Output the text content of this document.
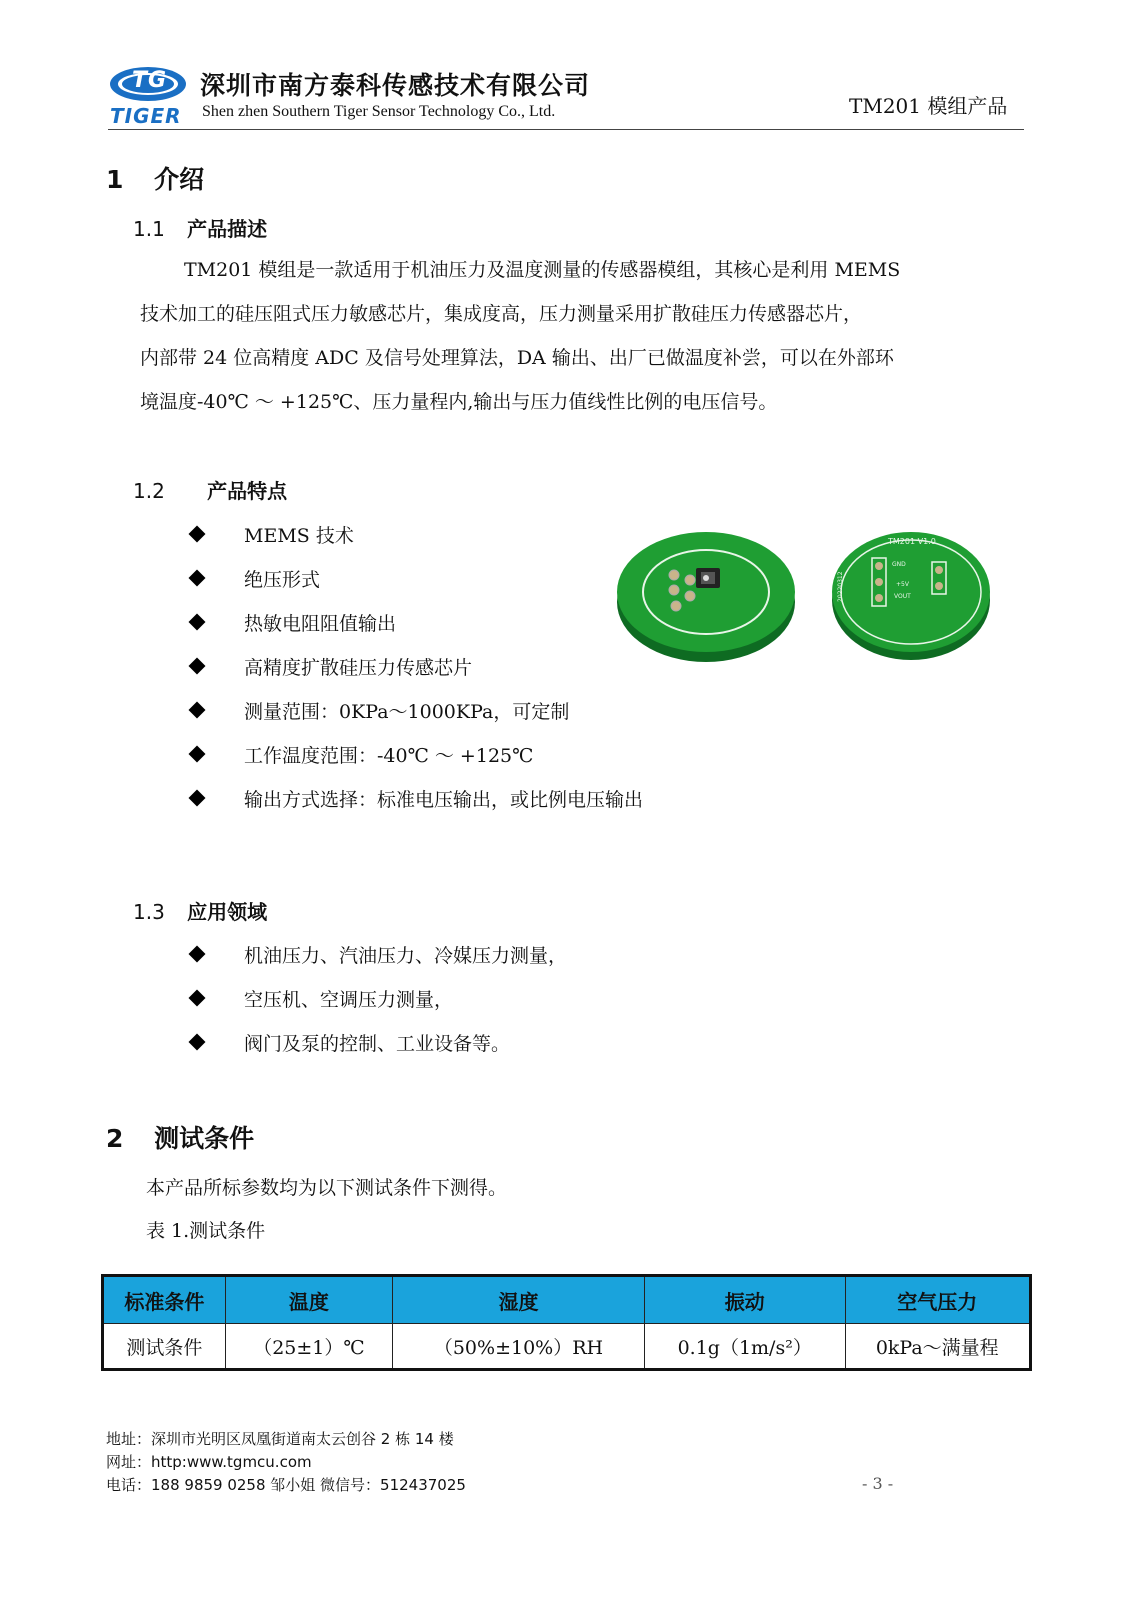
TG
TIGER
深圳市南方泰科传感技术有限公司
Shen zhen Southern Tiger Sensor Technology Co., Ltd.	TM201 模组产品
1 介绍
1.1 产品描述
TM201 模组是一款适用于机油压力及温度测量的传感器模组，其核心是利用 MEMS
技术加工的硅压阻式压力敏感芯片，集成度高，压力测量采用扩散硅压力传感器芯片，
内部带 24 位高精度 ADC 及信号处理算法，DA 输出、出厂已做温度补尝，可以在外部环
境温度-40℃ ～ +125℃、压力量程内,输出与压力值线性比例的电压信号。
1.2 产品特点
MEMS 技术
绝压形式
热敏电阻阻值输出
高精度扩散硅压力传感芯片
测量范围：0KPa～1000KPa，可定制
工作温度范围：-40℃ ～ +125℃
输出方式选择：标准电压输出，或比例电压输出
TM201 V1.0
GND
+5V
VOUT
20220312
1.3 应用领域
机油压力、汽油压力、冷媒压力测量，
空压机、空调压力测量，
阀门及泵的控制、工业设备等。
2 测试条件
本产品所标参数均为以下测试条件下测得。
表 1.测试条件
标准条件	温度	湿度	振动	空气压力
测试条件	（25±1）℃	（50%±10%）RH	0.1g（1m/s²）	0kPa～满量程
地址：深圳市光明区凤凰街道南太云创谷 2 栋 14 楼
网址：http:www.tgmcu.com
电话：188 9859 0258 邹小姐 微信号：512437025	- 3 -
